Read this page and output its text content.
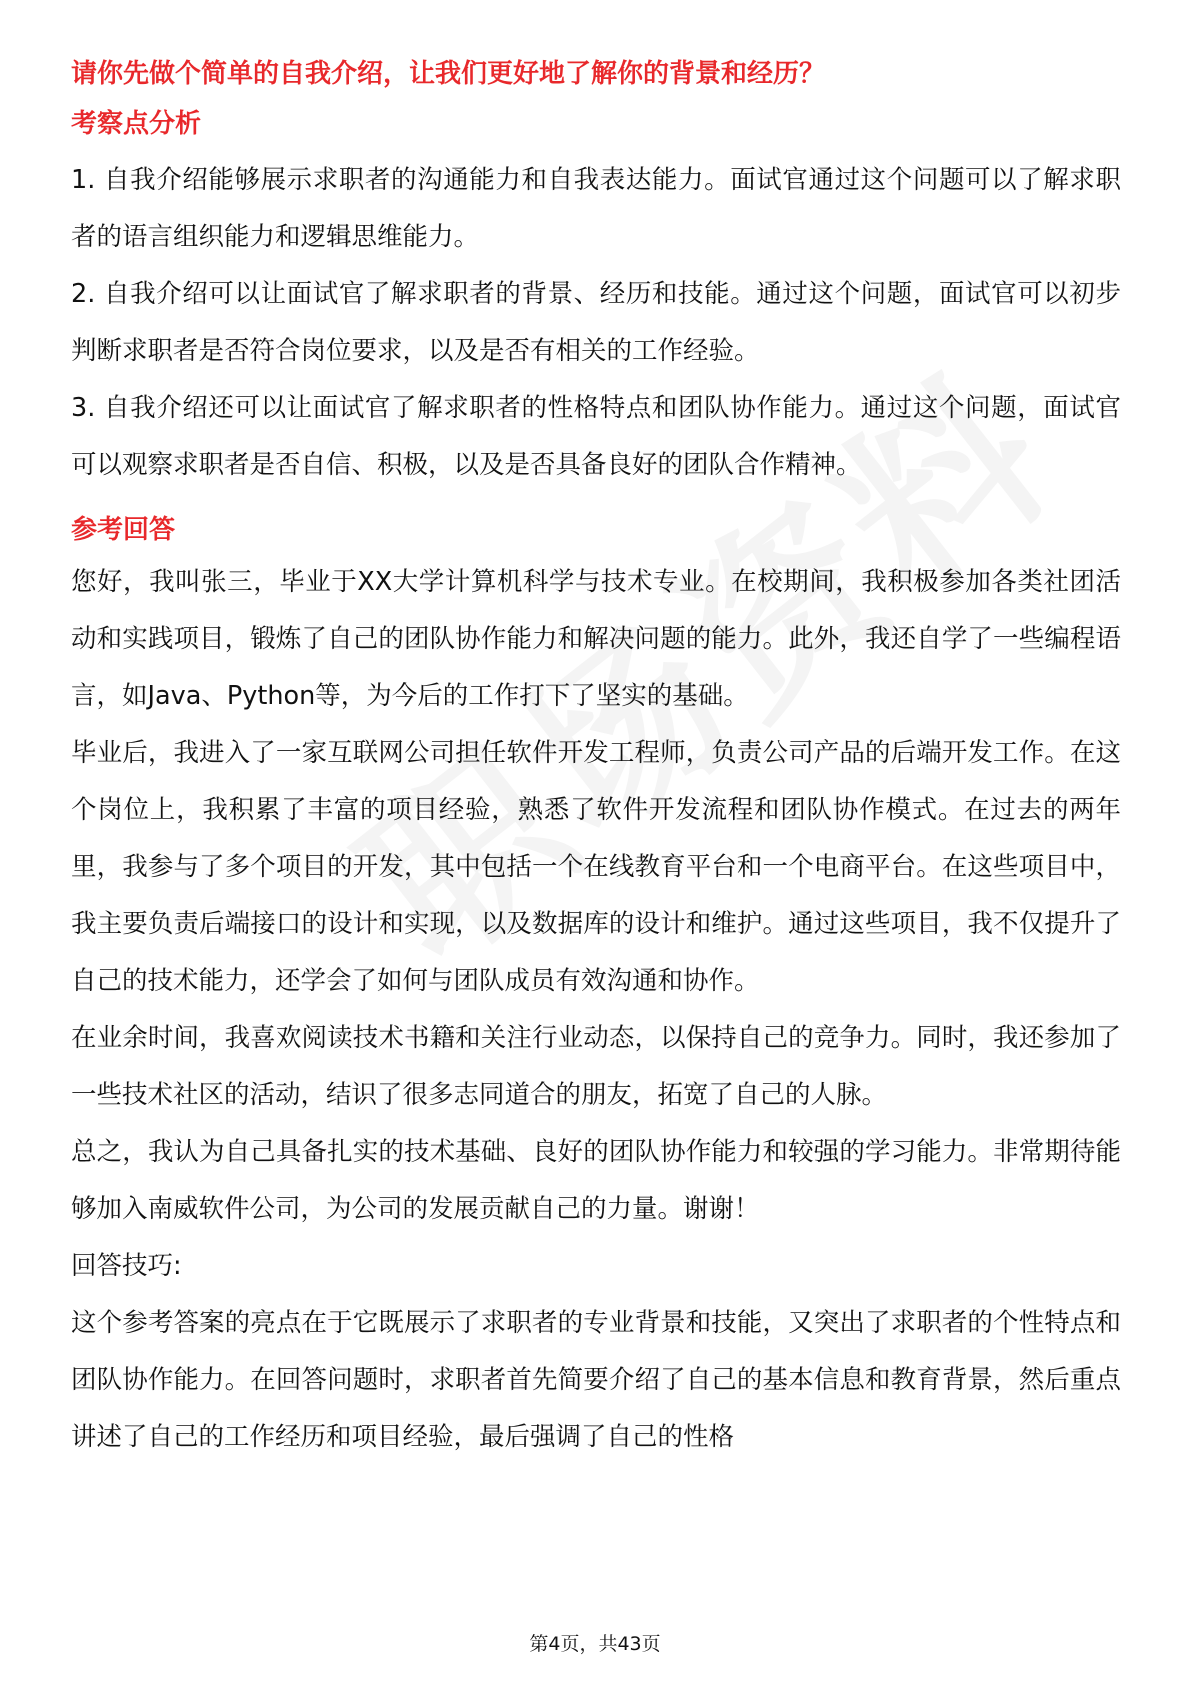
请你先做个简单的自我介绍，让我们更好地了解你的背景和经历？

考察点分析

1. 自我介绍能够展示求职者的沟通能力和自我表达能力。面试官通过这个问题可以了解求职者的语言组织能力和逻辑思维能力。

2. 自我介绍可以让面试官了解求职者的背景、经历和技能。通过这个问题，面试官可以初步判断求职者是否符合岗位要求，以及是否有相关的工作经验。

3. 自我介绍还可以让面试官了解求职者的性格特点和团队协作能力。通过这个问题，面试官可以观察求职者是否自信、积极，以及是否具备良好的团队合作精神。

参考回答

您好，我叫张三，毕业于XX大学计算机科学与技术专业。在校期间，我积极参加各类社团活动和实践项目，锻炼了自己的团队协作能力和解决问题的能力。此外，我还自学了一些编程语言，如Java、Python等，为今后的工作打下了坚实的基础。

毕业后，我进入了一家互联网公司担任软件开发工程师，负责公司产品的后端开发工作。在这个岗位上，我积累了丰富的项目经验，熟悉了软件开发流程和团队协作模式。在过去的两年里，我参与了多个项目的开发，其中包括一个在线教育平台和一个电商平台。在这些项目中，我主要负责后端接口的设计和实现，以及数据库的设计和维护。通过这些项目，我不仅提升了自己的技术能力，还学会了如何与团队成员有效沟通和协作。

在业余时间，我喜欢阅读技术书籍和关注行业动态，以保持自己的竞争力。同时，我还参加了一些技术社区的活动，结识了很多志同道合的朋友，拓宽了自己的人脉。

总之，我认为自己具备扎实的技术基础、良好的团队协作能力和较强的学习能力。非常期待能够加入南威软件公司，为公司的发展贡献自己的力量。谢谢！

回答技巧:

这个参考答案的亮点在于它既展示了求职者的专业背景和技能，又突出了求职者的个性特点和团队协作能力。在回答问题时，求职者首先简要介绍了自己的基本信息和教育背景，然后重点讲述了自己的工作经历和项目经验，最后强调了自己的性格

第4页，共43页
